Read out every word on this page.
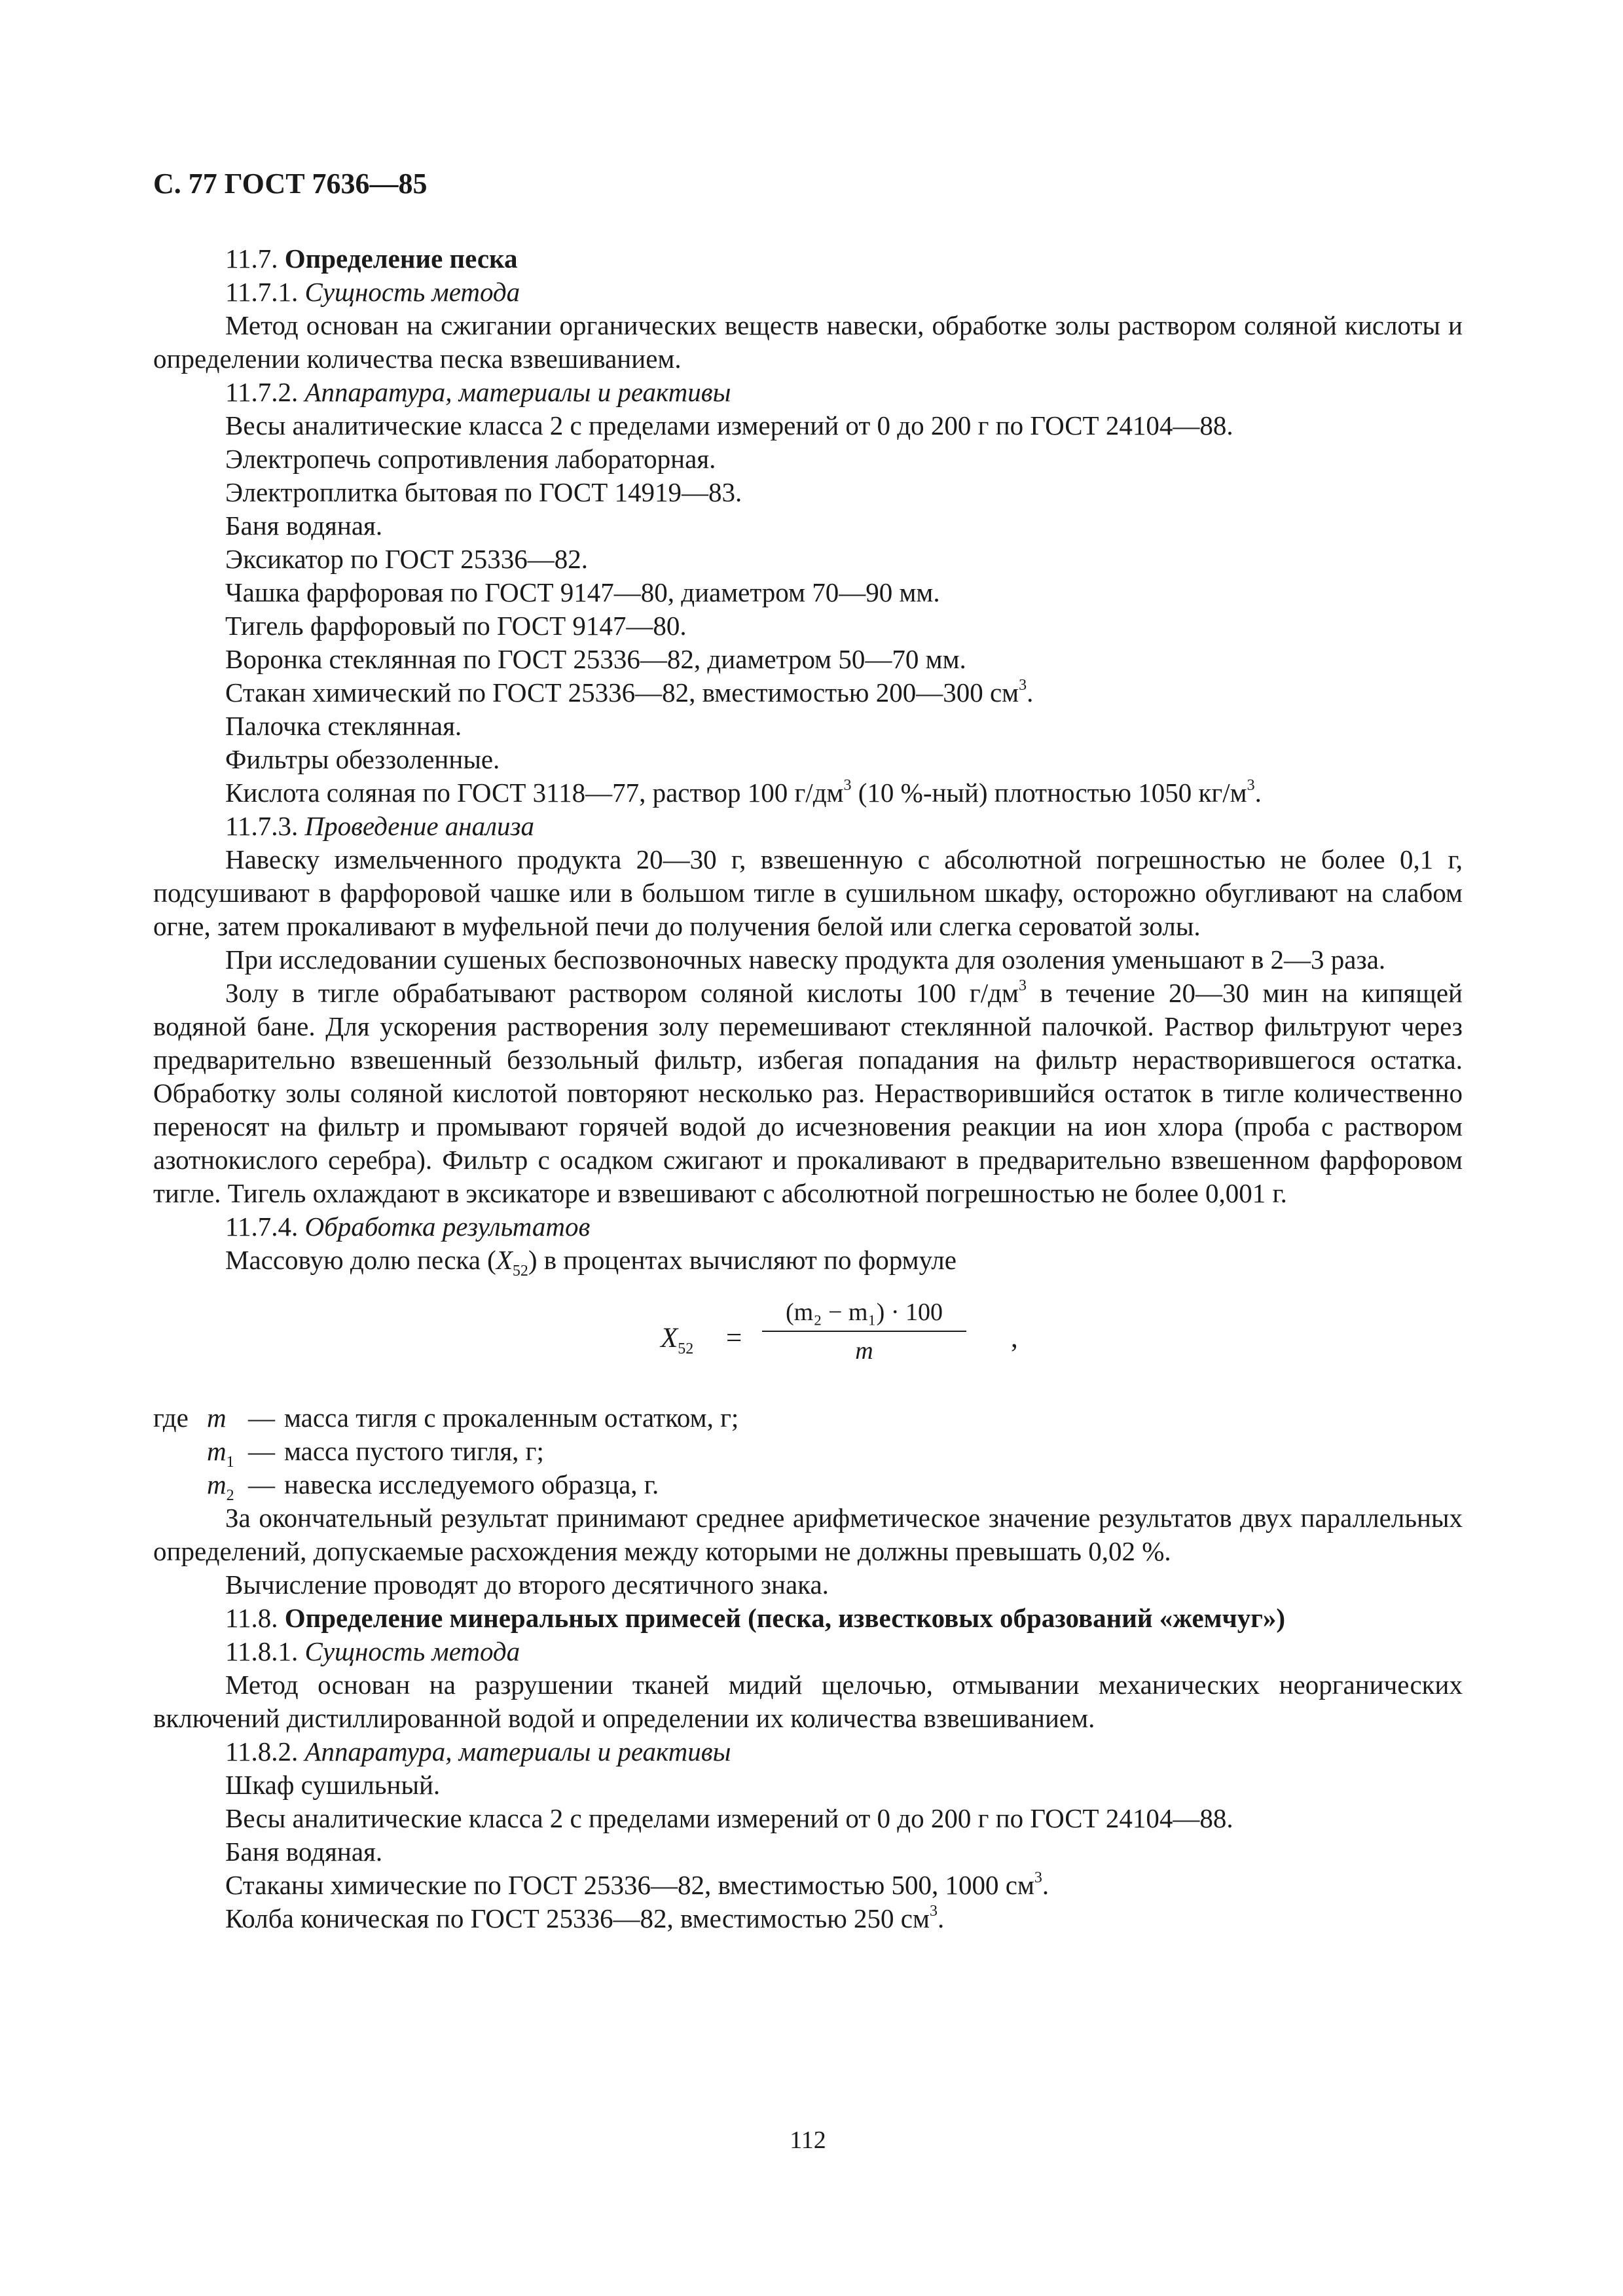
С. 77 ГОСТ 7636—85

11.7. Определение песка

11.7.1. Сущность метода

Метод основан на сжигании органических веществ навески, обработке золы раствором соляной кислоты и определении количества песка взвешиванием.

11.7.2. Аппаратура, материалы и реактивы

Весы аналитические класса 2 с пределами измерений от 0 до 200 г по ГОСТ 24104—88.

Электропечь сопротивления лабораторная.

Электроплитка бытовая по ГОСТ 14919—83.

Баня водяная.

Эксикатор по ГОСТ 25336—82.

Чашка фарфоровая по ГОСТ 9147—80, диаметром 70—90 мм.

Тигель фарфоровый по ГОСТ 9147—80.

Воронка стеклянная по ГОСТ 25336—82, диаметром 50—70 мм.

Стакан химический по ГОСТ 25336—82, вместимостью 200—300 $см^3$.

Палочка стеклянная.

Фильтры обеззоленные.

Кислота соляная по ГОСТ 3118—77, раствор 100 $г/дм^3$ (10 %-ный) плотностью 1050 $кг/м^3$.

11.7.3. Проведение анализа

Навеску измельченного продукта 20—30 г, взвешенную с абсолютной погрешностью не более 0,1 г, подсушивают в фарфоровой чашке или в большом тигле в сушильном шкафу, осторожно обугливают на слабом огне, затем прокаливают в муфельной печи до получения белой или слегка сероватой золы.

При исследовании сушеных беспозвоночных навеску продукта для озоления уменьшают в 2—3 раза.

Золу в тигле обрабатывают раствором соляной кислоты 100 $г/дм^3$ в течение 20—30 мин на кипящей водяной бане. Для ускорения растворения золу перемешивают стеклянной палочкой. Раствор фильтруют через предварительно взвешенный беззольный фильтр, избегая попадания на фильтр нерастворившегося остатка. Обработку золы соляной кислотой повторяют несколько раз. Нерастворившийся остаток в тигле количественно переносят на фильтр и промывают горячей водой до исчезновения реакции на ион хлора (проба с раствором азотнокислого серебра). Фильтр с осадком сжигают и прокаливают в предварительно взвешенном фарфоровом тигле. Тигель охлаждают в эксикаторе и взвешивают с абсолютной погрешностью не более 0,001 г.

11.7.4. Обработка результатов

Массовую долю песка $(X_{52})$ в процентах вычисляют по формуле

$X_{52}$ =
(m₂ − m₁) · 100
m	,
где m — масса тигля с прокаленным остатком, г;
$m_1$ — масса пустого тигля, г;
$m_2$ — навеска исследуемого образца, г.

За окончательный результат принимают среднее арифметическое значение результатов двух параллельных определений, допускаемые расхождения между которыми не должны превышать 0,02 %.

Вычисление проводят до второго десятичного знака.

11.8. Определение минеральных примесей (песка, известковых образований «жемчуг»)

11.8.1. Сущность метода

Метод основан на разрушении тканей мидий щелочью, отмывании механических неорганических включений дистиллированной водой и определении их количества взвешиванием.

11.8.2. Аппаратура, материалы и реактивы

Шкаф сушильный.

Весы аналитические класса 2 с пределами измерений от 0 до 200 г по ГОСТ 24104—88.

Баня водяная.

Стаканы химические по ГОСТ 25336—82, вместимостью 500, 1000 $см^3$.

Колба коническая по ГОСТ 25336—82, вместимостью 250 $см^3$.

112
